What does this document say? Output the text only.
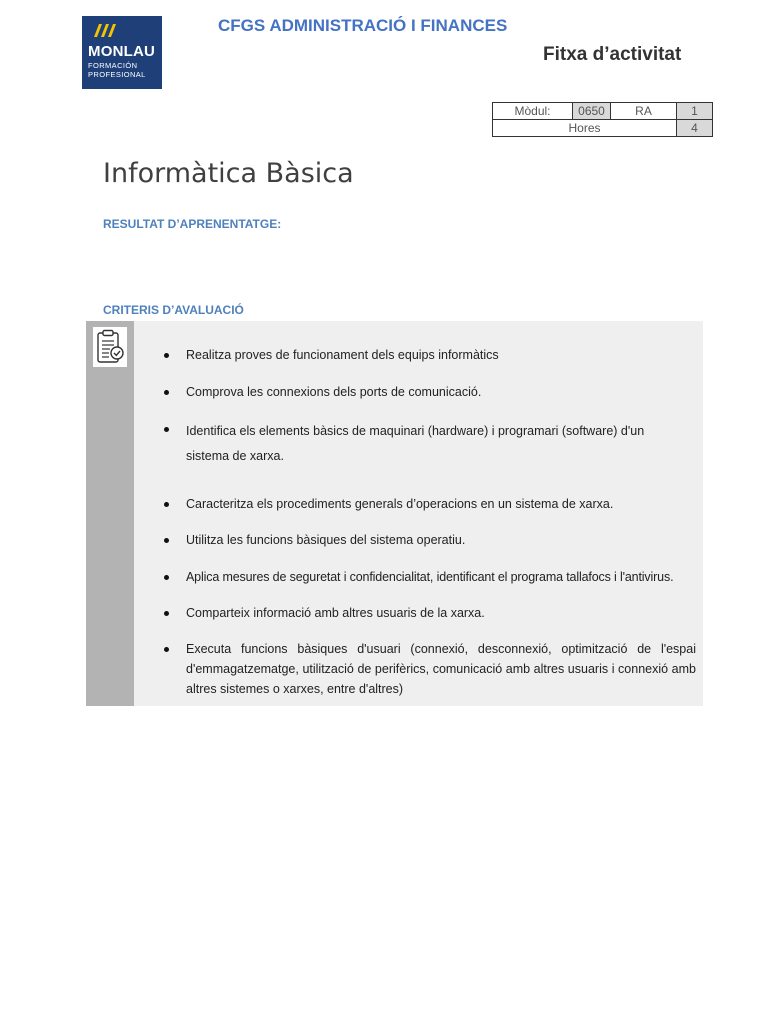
MONLAU
FORMACIÓN
PROFESIONAL
CFGS ADMINISTRACIÓ I FINANCES
Fitxa d’activitat
Mòdul:	0650	RA	1
Hores			4
Informàtica Bàsica
RESULTAT D’APRENENTATGE:
CRITERIS D’AVALUACIÓ
Realitza proves de funcionament dels equips informàtics
Comprova les connexions dels ports de comunicació.
Identifica els elements bàsics de maquinari (hardware) i programari (software) d'un sistema de xarxa.
Caracteritza els procediments generals d’operacions en un sistema de xarxa.
Utilitza les funcions bàsiques del sistema operatiu.
Aplica mesures de seguretat i confidencialitat, identificant el programa tallafocs i l'antivirus.
Comparteix informació amb altres usuaris de la xarxa.
Executa funcions bàsiques d'usuari (connexió, desconnexió, optimització de l'espai d'emmagatzematge, utilització de perifèrics, comunicació amb altres usuaris i connexió amb altres sistemes o xarxes, entre d'altres)
